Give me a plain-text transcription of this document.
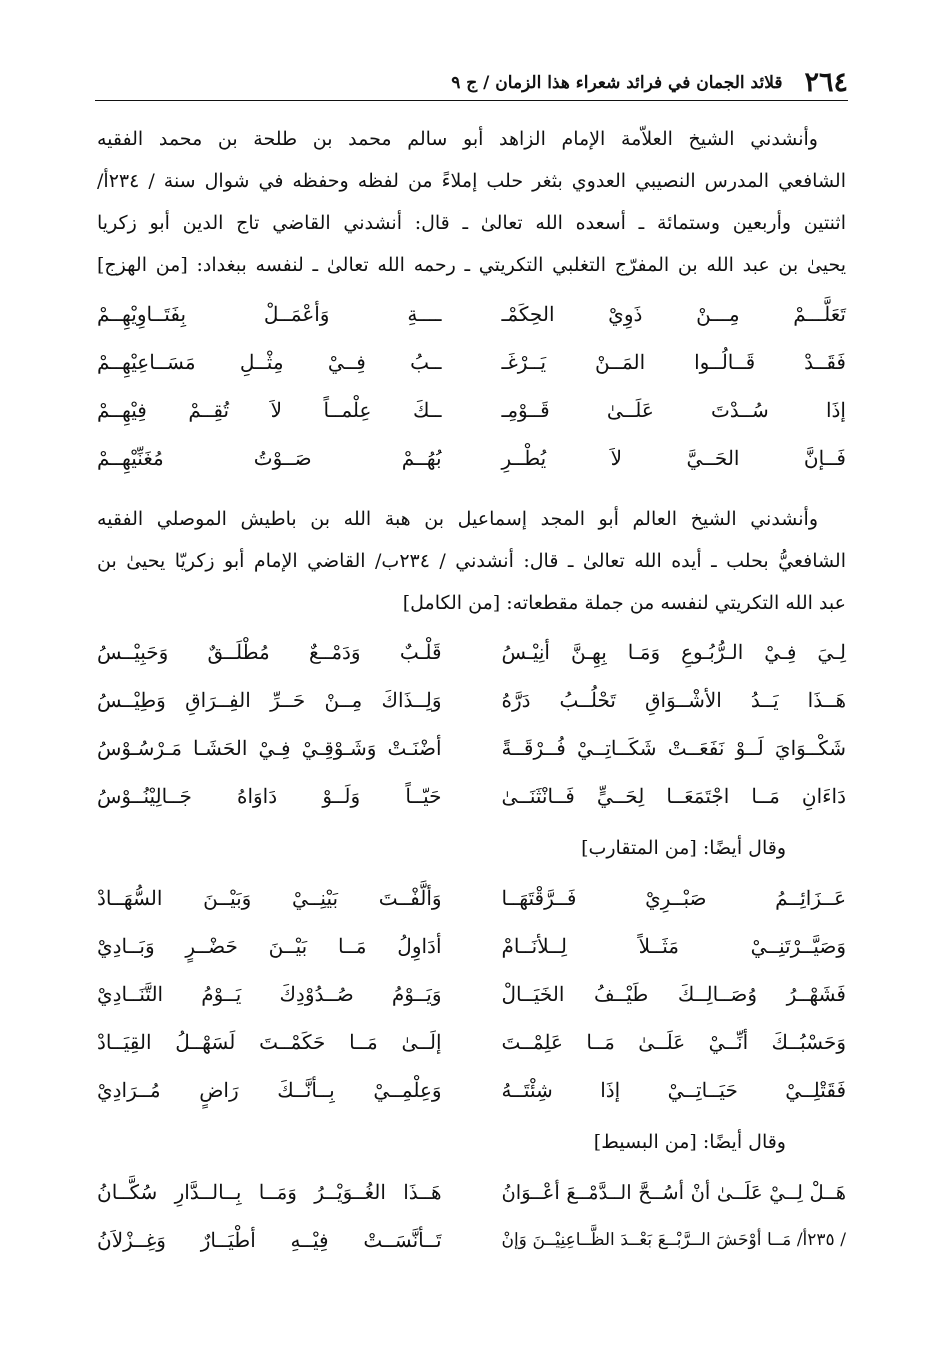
٢٦٤
قلائد الجمان في فرائد شعراء هذا الزمان / ج ٩

وأنشدني الشيخ العلاّمة الإمام الزاهد أبو سالم محمد بن طلحة بن محمد الفقيه

الشافعي المدرس النصيبي العدوي بثغر حلب إملاءً من لفظه وحفظه في شوال سنة / ٢٣٤أ/

اثنتين وأربعين وستمائة ـ أسعده الله تعالىٰ ـ قال: أنشدني القاضي تاج الدين أبو زكريا

يحيىٰ بن عبد الله بن المفرّج التغلبي التكريتي ـ رحمه الله تعالىٰ ـ لنفسه ببغداد: [من الهزج]

تَعَلَّـــمْ مِـــنْ ذَوِيْ الحِكَمْـ
ــــةِ وَأعْمَــلْ بِفَتَــاوِيْهِــمْ
فَقَــدْ قَــالُــوا المَــنْ يَــرْغَـ
ــبُ فِــيْ مِثْــلِ مَسَــاعِيْهِــمْ
إذَا سُــدْتَ عَلَــىٰ قَــوْمِـ
ــكَ عِلْمــاً لاَ تُقِــمْ فِيْهِــمْ
فَــإنَّ الحَــيَّ لاَ يُطْــرِ
بُهُــمْ صَــوْتُ مُغَنِّيْهِــمْ

وأنشدني الشيخ العالم أبو المجد إسماعيل بن هبة الله بن باطيش الموصلي الفقيه

الشافعيُّ بحلب ـ أيده الله تعالىٰ ـ قال: أنشدني / ٢٣٤ب/ القاضي الإمام أبو زكريّا يحيىٰ بن

عبد الله التكريتي لنفسه من جملة مقطعاته: [من الكامل]

لِـيَ فِـيْ الـرُّبُـوعِ وَمَـا بِهِـنَّ أنِيْـسُ
قَلْـبٌ وَدَمْــعٌ مُطْلَــقٌ وَحَبِيْــسُ
هَــذَا يَــدُ الأشْــوَاقِ تَحْلُــبُ دَرَّهُ
وَلِــذَاكَ مِــنْ حَــرِّ الفِــرَاقِ وَطِيْــسُ
شَكْــوَايَ لَــوْ نَفَعَــتْ شَكَــاتِــيْ فُــرْقَــةً
أضْنَـتْ وَشَـوْقِـيْ فِـيْ الحَشَـا مَـرْسُـوْسُ
دَاءَانِ مَــا اجْتَمَعَــا لِحَــيٍّ فَــانْثَنَــىٰ
حَيّــاً وَلَــوْ دَاوَاهُ جَــالِيْنُــوْسُ

وقال أيضًا: [من المتقارب]

عَــزَائِــمُ صَبْــرِيْ فَــرَّقْتَهَــا
وَألَّفْــتَ بَيْنِــيْ وَبَيْــنَ السُّهَــادْ
وَصَيَّــرْتَنِــيْ مَثَــلاً لِــلأنَــامْ
أدَاوِلُ مَــا بَيْــنَ حَضْــرٍ وَبَــادِيْ
فَشَهْــرُ وُصَــالِــكَ طَيْــفُ الخَيَــالْ
وَيَــوْمُ صُــدُوْدِكَ يَــوْمُ التَّنَــادِيْ
وَحَسْبُــكَ أنِّــيْ عَلَــىٰ مَــا عَلِمْــتَ
إلَــىٰ مَــا حَكَمْــتَ لَسَهْــلُ القِيَــادْ
فَقَتْلِــيْ حَيَــاتِــيْ إذَا شِئْتَــهُ
وَعِلْمِــيْ بِــأنَّــكَ رَاضٍ مُــرَادِيْ

وقال أيضًا: [من البسيط]

هَــلْ لِــيْ عَلَــىٰ أنْ أسُــحَّ الــدَّمْــعَ أعْــوَانُ
هَــذَا الغُــوَيْــرُ وَمَــا بِــالــدَّارِ سُكَّــانُ
/ ٢٣٥أ/ مَــا أوْحَشَ الــرَّبْــعَ بَعْــدَ الظَّــاعِنِيْــنَ وَإنْ
تَــأنَّسَــتْ فِيْــهِ أطْيَــارٌ وَغِــزْلاَنُ
